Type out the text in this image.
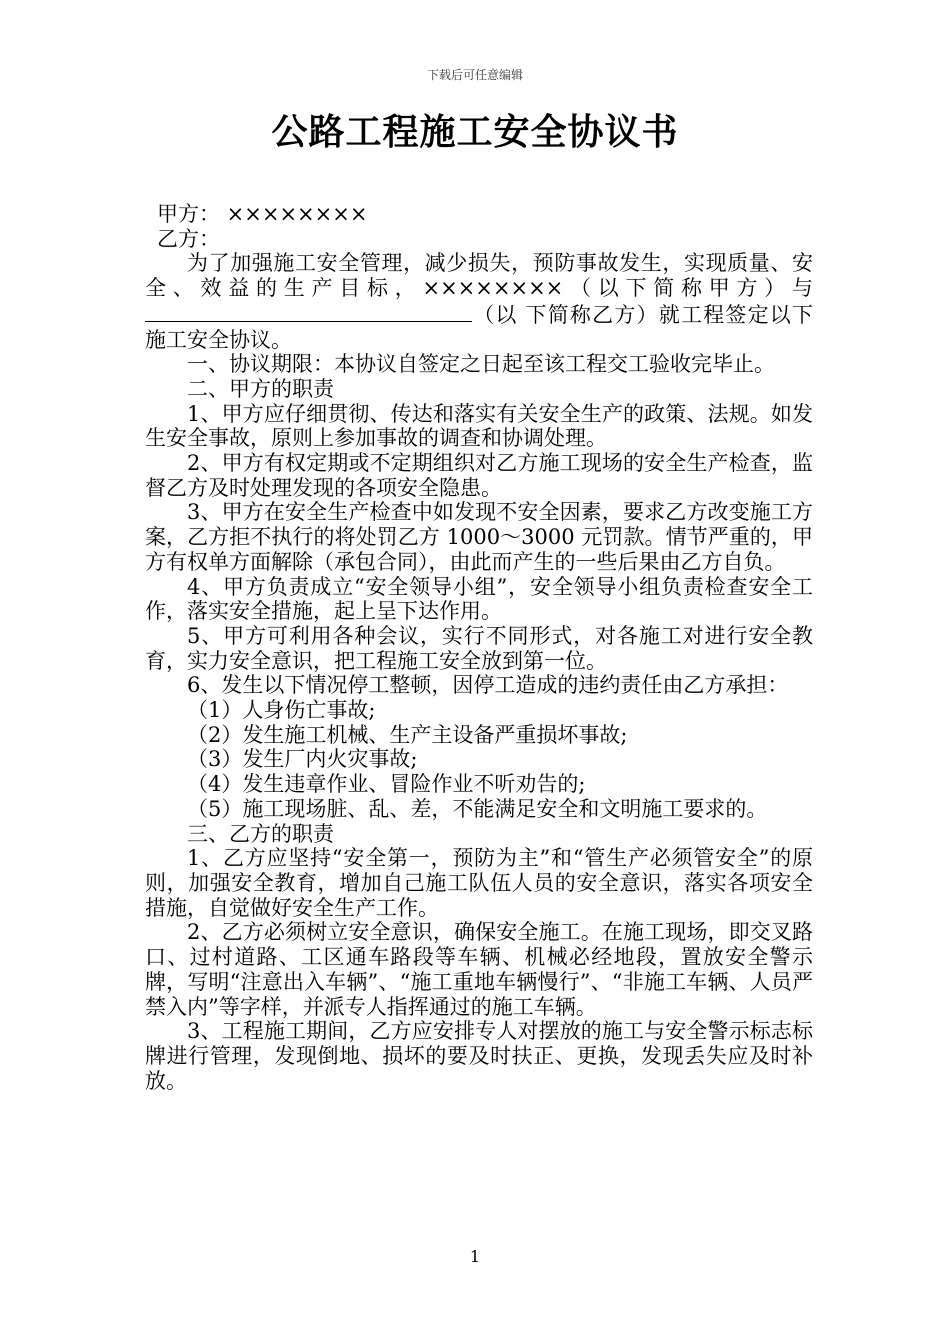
下载后可任意编辑
公路工程施工安全协议书

甲方： ××××××××

乙方：

为了加强施工安全管理，减少损失，预防事故发生，实现质量、安全、效益的生产目标，××××××××（以下简称甲方）与（以 下简称乙方）就工程签定以下施工安全协议。

一、协议期限：本协议自签定之日起至该工程交工验收完毕止。

二、甲方的职责

1、甲方应仔细贯彻、传达和落实有关安全生产的政策、法规。如发生安全事故，原则上参加事故的调查和协调处理。

2、甲方有权定期或不定期组织对乙方施工现场的安全生产检查，监督乙方及时处理发现的各项安全隐患。

3、甲方在安全生产检查中如发现不安全因素，要求乙方改变施工方案，乙方拒不执行的将处罚乙方 1000～3000 元罚款。情节严重的，甲方有权单方面解除（承包合同），由此而产生的一些后果由乙方自负。

4、甲方负责成立“安全领导小组”，安全领导小组负责检查安全工作，落实安全措施，起上呈下达作用。

5、甲方可利用各种会议，实行不同形式，对各施工对进行安全教育，实力安全意识，把工程施工安全放到第一位。

6、发生以下情况停工整顿，因停工造成的违约责任由乙方承担：

（1）人身伤亡事故;

（2）发生施工机械、生产主设备严重损坏事故;

（3）发生厂内火灾事故;

（4）发生违章作业、冒险作业不听劝告的;

（5）施工现场脏、乱、差，不能满足安全和文明施工要求的。

三、乙方的职责

1、乙方应坚持“安全第一，预防为主”和“管生产必须管安全”的原则，加强安全教育，增加自己施工队伍人员的安全意识，落实各项安全措施，自觉做好安全生产工作。

2、乙方必须树立安全意识，确保安全施工。在施工现场，即交叉路口、过村道路、工区通车路段等车辆、机械必经地段，置放安全警示牌，写明“注意出入车辆”、“施工重地车辆慢行”、“非施工车辆、人员严禁入内”等字样，并派专人指挥通过的施工车辆。

3、工程施工期间，乙方应安排专人对摆放的施工与安全警示标志标牌进行管理，发现倒地、损坏的要及时扶正、更换，发现丢失应及时补放。

1
